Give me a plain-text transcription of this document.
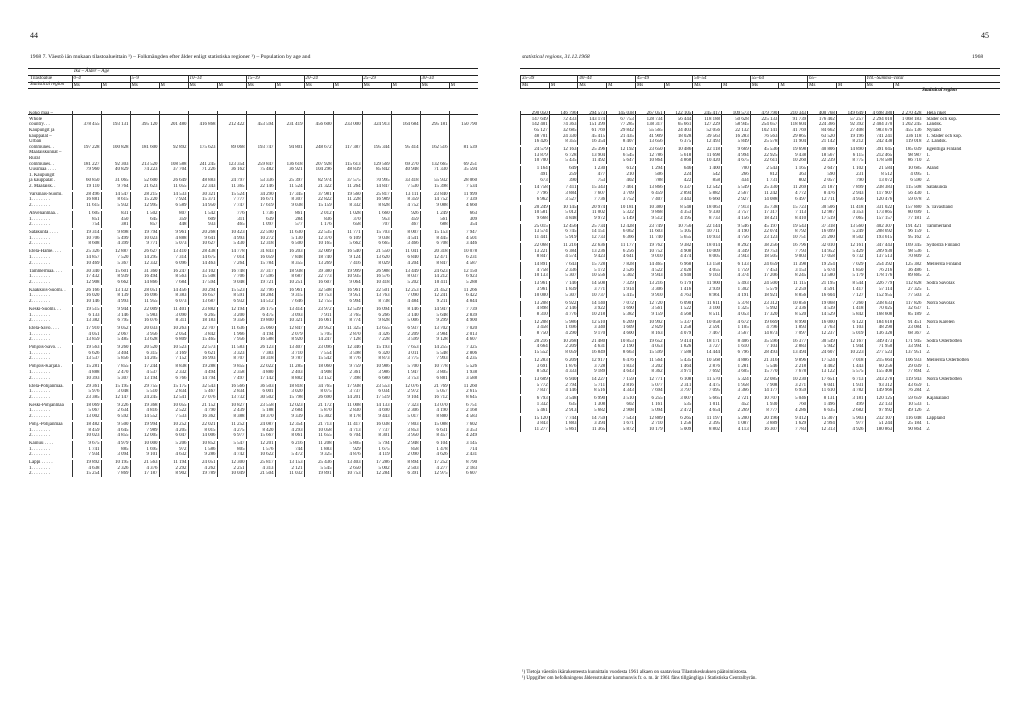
44
1968 7. Väestö iän mukaan tilastoalueittain ¹) – Folkmängden efter ålder enligt statistiska regioner ¹) – Population by age and
Tilastoalue
Statistical region
Ikä – Ålder – Age
	0–4		5–9		10–14		15–19		20–24		25–29		30–34	
	Ms	M	Ms	M	Ms	M	Ms	M	Ms	M	Ms	M	Ms	M

Koko maa –														
Whole														
country. . .	378 455	193 131	395 120	201 480	416 868	212 422	453 594	231 419	456 600	233 000	324 913	164 684	295 181	150 790
Kaupungit ja														
kauppalat –														
Urban														
communes. .	197 228	100 828	181 600	92 892	175 623	89 068	193 747	94 801	248 672	117 387	195 344	95 414	162 516	81 539
Maalaiskunnat –														
Rural														
communes. .	181 227	92 303	213 520	108 588	241 245	123 354	259 847	136 618	207 928	115 613	129 569	69 270	132 665	69 251
Uusimaa . . . .	79 960	40 829	74 223	37 704	71 226	36 162	75 482	36 921	104 296	48 839	85 842	40 948	71 330	35 594
1. Kaupungit														
ja kauppalat .	60 850	31 065	52 600	26 649	48 883	24 797	53 336	25 397	82 974	37 575	70 995	33 418	55 932	28 060
2. Maalaisk. .	19 110	9 764	21 623	11 055	22 343	11 365	22 146	11 524	21 322	11 264	14 847	7 530	15 398	7 534

Varsinais-Suomi.	28 496	14 547	28 215	14 533	30 321	15 524	34 290	17 345	37 981	19 560	25 817	13 111	23 840	11 999
1. . . . . . . .	16 881	8 615	15 220	7 924	15 371	7 777	16 671	8 307	22 822	11 228	16 989	8 359	14 752	7 339
2. . . . . . . .	11 615	5 932	12 995	6 589	14 950	7 747	17 619	9 038	15 159	8 332	8 828	4 752	9 088	4 660

Ahvenanmaa. .	1 605	831	1 502	807	1 542	776	1 736	861	2 012	1 028	1 660	926	1 249	663
1. . . . . . . .	851	450	645	359	609	311	639	284	836	370	953	459	561	309
2. . . . . . . .	754	381	857	448	933	465	1 097	577	1 176	658	707	467	688	354

Satakunta . . . .	19 314	9 898	19 794	9 961	20 268	10 423	22 590	11 630	22 535	11 771	15 703	8 007	15 153	7 947
1. . . . . . . .	10 706	5 499	10 023	4 888	9 641	4 993	10 272	5 130	12 370	6 109	9 038	4 541	8 445	4 501
2. . . . . . . .	8 608	4 399	9 771	5 073	10 627	5 430	12 318	6 500	10 165	5 662	6 665	3 466	6 708	3 446

Etelä-Häme. . . .	25 326	12 887	26 627	13 410	28 438	14 778	31 843	16 203	32 009	16 540	21 550	11 041	20 318	10 078
1. . . . . . . .	14 857	7 520	14 295	7 314	14 675	7 014	16 059	7 848	18 740	9 124	13 620	6 840	12 471	6 231
2. . . . . . . .	10 469	5 367	12 332	6 096	14 463	7 264	15 784	8 355	13 269	7 416	8 029	4 204	8 847	4 587

Tammermaa. . . .	30 340	15 601	31 360	16 247	33 102	16 748	37 317	18 938	39 380	19 999	26 988	13 449	24 623	12 150
1. . . . . . . .	17 432	8 939	16 494	8 563	15 508	7 706	17 596	8 687	22 773	10 935	16 576	8 037	14 212	6 923
2. . . . . . . .	12 908	6 662	14 866	7 684	17 594	9 048	19 721	10 251	16 607	9 064	10 418	5 202	10 411	5 288

Kaakkois-Suomi. .	26 166	13 132	28 051	14 456	30 294	15 523	32 796	16 961	32 508	16 961	22 501	12 253	21 452	11 266
1. . . . . . . .	16 020	8 139	16 096	8 383	16 657	8 591	18 284	9 315	19 753	9 951	13 763	7 090	12 241	6 422
2. . . . . . . .	10 146	4 993	11 955	6 073	13 687	6 932	14 512	7 646	12 755	6 994	8 738	4 484	9 211	4 844

Keski-Suomi. . .	19 515	9 944	22 009	11 401	23 882	12 194	26 175	13 414	23 972	12 539	16 094	8 146	14 947	7 739
1. . . . . . . .	6 133	3 146	5 983	3 090	6 265	3 200	6 475	3 093	7 911	3 765	6 266	3 140	5 648	2 839
2. . . . . . . .	13 382	6 795	16 076	8 311	18 183	9 356	19 800	10 321	16 061	8 774	9 828	5 006	9 299	4 900

Etelä-Savo. . . .	17 910	9 052	20 033	10 263	22 707	11 636	25 060	12 847	20 952	11 325	13 655	6 937	13 702	7 020
1. . . . . . . .	4 051	2 067	3 956	2 054	3 842	1 966	4 194	2 079	5 705	2 870	4 326	2 209	3 984	2 013
2. . . . . . . .	13 859	5 485	13 628	6 809	15 465	7 956	16 588	8 920	14 247	7 128	7 228	3 599	9 128	4 607

Pohjois-Savo. . .	19 563	9 260	20 520	10 523	22 573	11 583	26 123	13 407	23 096	12 346	15 193	7 653	14 255	7 325
1. . . . . . . .	6 626	3 404	6 315	3 169	6 621	3 323	7 383	3 710	7 554	3 598	6 320	3 011	5 548	2 806
2. . . . . . . .	13 537	5 856	14 205	7 152	16 993	8 707	18 318	9 787	15 542	8 776	8 873	3 775	7 993	4 235

Pohjois-Karjala .	15 281	7 855	17 244	8 838	19 288	9 855	22 022	11 285	18 060	9 759	10 986	5 700	10 778	5 526
1. . . . . . . .	4 888	2 470	4 537	2 332	4 494	2 358	4 880	2 403	4 908	2 361	3 986	1 947	3 805	1 938
2. . . . . . . .	10 393	5 307	13 194	6 766	14 794	7 497	17 142	8 882	13 152	7 398	6 680	3 753	6 881	3 588

Etelä-Pohjanmaa.	29 361	15 195	29 755	15 175	32 543	16 566	36 503	18 818	34 765	17 938	23 553	12 076	21 769	11 260
1. . . . . . . .	5 976	3 048	5 510	2 834	5 467	2 834	6 001	3 020	8 075	3 737	6 034	2 972	5 057	2 615
2. . . . . . . .	23 385	12 147	24 245	12 541	27 076	13 732	30 502	15 798	26 690	14 201	17 519	9 104	16 712	8 645

Keski-Pohjanmaa	18 069	9 226	19 368	10 055	21 152	10 827	23 558	12 023	21 172	11 008	14 133	7 323	13 070	6 751
1. . . . . . . .	5 067	2 634	4 816	2 522	4 790	2 439	5 188	2 684	5 870	2 830	4 690	2 306	4 190	2 168
2. . . . . . . .	13 002	6 592	14 552	7 533	16 362	8 388	18 370	9 339	15 302	8 178	9 443	5 017	8 880	4 583

Pohj.-Pohjanmaa	18 482	9 500	19 994	10 252	22 021	11 252	24 087	12 354	21 713	11 417	16 038	7 803	15 088	7 602
1. . . . . . . .	8 459	4 645	7 989	4 205	8 015	4 275	8 420	4 293	10 058	4 713	7 737	3 853	6 631	3 353
2. . . . . . . .	10 023	4 855	12 005	6 047	14 006	6 977	15 667	8 061	11 655	6 704	8 301	3 950	8 457	4 249

Kainuu . . . .	9 675	4 979	10 000	5 206	10 852	5 547	12 201	6 216	11 208	5 805	5 794	2 948	6 104	3 145
1. . . . . . . .	1 741	885	1 695	972	1 586	805	1 576	744	1 883	929	1 675	858	1 478	714
2. . . . . . . .	7 934	3 094	9 101	4 632	9 286	4 742	10 622	5 472	9 325	4 876	4 119	2 090	4 626	2 431

Lappi . . . . .	19 892	10 195	21 563	11 194	24 051	12 300	25 817	13 153	25 436	13 403	17 286	8 894	17 252	8 790
1. . . . . . . .	4 638	2 326	4 376	2 292	4 262	2 251	4 313	2 121	5 545	2 650	5 002	2 503	4 277	2 183
2. . . . . . . .	15 254	7 869	17 187	8 902	19 789	10 049	21 504	11 032	19 891	10 753	12 284	6 391	12 975	6 607

45
statistical regions, 31.12.1968	1968
Statistical region
35–39		40–44		45–49		50–54		55–64		65–		Yht.–Summa–Total		
Ms	M	Ms	M	Ms	M	Ms	M	Ms	M	Ms	M	Ms	M	

290 050	146 796	294 573	145 038	267 051	122 105	245 417	109 573	479 790	210 343	400 768	149 649	4 698 380	2 270 428	Hela riket

147 649	72 433	143 174	67 753	128 734	56 444	118 188	50 628	225 133	91 739	176 402	57 257	2 294 010	1 068 183	Städer och köp.

142 401	74 363	151 399	77 285	138 317	65 661	127 229	58 945	254 657	118 604	224 366	92 392	2 404 370	1 202 245	Landsk.
65 127	32 685	61 769	29 842	55 565	24 403	52 056	22 132	102 141	41 769	84 662	27 408	983 679	455 136	Nyland
48 701	24 330	45 415	21 435	41 909	18 028	39 563	16 283	76 563	29 865	63 520	19 196	741 241	336 118	1. Städer och köp.
16 426	8 355	16 354	8 407	13 656	6 375	12 493	5 849	25 578	11 904	21 142	8 212	242 438	119 018	2. Landsk.

24 579	12 163	25 396	12 192	23 650	10 486	22 118	9 669	45 536	19 698	40 806	14 890	391 045	185 039	Egentliga Finland
13 879	6 728	13 904	6 545	12 786	5 618	11 698	4 994	22 925	9 438	18 567	6 115	212 465	98 987	1.
10 700	5 435	11 492	5 647	10 864	4 868	10 420	4 675	22 611	10 260	22 239	8 775	178 580	86 710	2.

1 164	649	1 230	612	1 294	646	1 400	700	2 543	1 165	2 647	1 102	21 584	10 685	Åland
491	259	477	210	506	224	542	266	812	363	590	231	8 512	4 095	1.
673	390	753	402	788	422	858	434	1 731	802	2 057	790	13 072	6 590	2.

14 758	7 411	15 343	7 461	13 866	6 337	12 542	5 549	25 330	11 269	21 187	7 899	238 383	115 508	Satakunda
7 796	3 884	7 607	3 709	6 459	2 894	5 882	2 567	11 242	4 772	8 476	2 943	117 907	56 430	1.
6 962	3 527	7 736	3 752	7 407	3 443	6 660	2 927	14 088	6 497	12 711	4 956	120 476	59 078	2.

20 249	10 145	20 974	10 181	10 380	8 548	18 063	7 913	35 738	15 723	30 506	11 418	331 022	157 880	S. Tavastland
10 581	5 012	11 002	5 322	9 868	4 353	9 330	3 757	17 317	7 113	12 987	4 353	173 865	80 699	1.
9 668	4 848	9 972	5 149	9 512	4 195	8 733	4 156	18 421	8 410	17 519	7 065	157 157	77 181	2.

25 015	12 456	25 734	12 428	23 749	10 756	22 144	9 546	45 197	19 543	37 318	13 560	402 307	191 421	Tammerland
13 574	6 745	14 151	6 062	11 603	5 105	10 711	4 190	22 074	8 792	16 099	5 249	208 692	96 159	1.
11 441	5 919	12 733	6 366	11 740	5 655	10 933	4 756	23 123	10 751	21 200	8 502	193 615	95 162	2.

22 068	11 216	22 636	11 177	19 762	9 382	18 014	8 292	38 256	16 796	32 010	12 161	347 443	169 345	Sydöstra Finland
13 221	6 384	13 236	6 256	10 752	4 908	10 009	4 349	19 753	7 793	14 952	5 429	209 930	98 536	1.
8 847	4 574	9 423	4 641	9 010	4 474	8 005	3 943	18 505	9 003	17 058	6 732	137 513	70 809	2.

14 891	7 643	15 728	7 828	14 465	6 968	13 158	6 133	24 659	11 398	19 254	7 029	254 392	125 382	Mellersta Finland
4 758	2 336	5 172	2 526	4 522	2 028	4 055	1 759	7 453	3 153	5 674	1 850	76 216	36 486	1.
10 133	5 307	10 556	5 302	9 943	4 940	9 103	4 374	17 206	8 245	13 580	5 179	178 176	89 885	2.

13 961	7 146	14 508	7 329	13 216	6 179	11 900	5 493	24 500	11 115	21 195	8 544	226 779	112 828	Södra Savolax
3 961	1 839	3 771	1 914	3 306	1 416	2 939	1 302	5 579	2 259	4 591	1 417	57 114	27 325	1.
10 000	5 307	10 737	5 415	9 910	4 763	8 961	4 191	18 921	8 856	16 604	7 127	152 955	77 503	2.

13 208	6 922	14 140	7 072	12 720	6 090	11 611	5 378	23 312	10 856	19 068	7 260	238 633	117 826	Norra Savolax
4 898	2 146	3 922	1 690	3 561	1 522	3 100	1 325	5 992	2 336	4 539	1 418	70 025	32 637	1.
8 310	4 776	10 218	5 382	9 159	4 568	8 511	4 053	17 320	8 520	14 529	5 842	168 608	85 189	2.

12 208	5 986	12 510	6 209	10 992	5 337	10 058	4 672	19 669	8 990	16 000	6 122	184 618	91 451	Norra Karelen
3 458	1 696	3 340	1 609	2 829	1 258	2 591	1 105	4 796	1 893	3 763	1 103	48 290	23 084	1.
8 750	4 290	9 170	4 600	8 163	4 079	7 467	3 567	14 873	7 097	12 237	5 019	136 328	68 367	2.

20 216	10 268	21 480	10 853	19 652	9 414	18 171	8 406	35 596	16 377	30 549	12 167	349 473	171 945	Södra Österbotten
4 664	2 209	4 631	2 190	4 053	1 826	3 727	1 610	7 103	2 883	5 942	1 944	71 950	33 994	1.
15 552	8 059	16 849	8 663	15 599	7 588	14 444	6 796	28 493	13 494	24 607	10 223	277 523	137 951	2.

12 283	6 209	12 917	6 476	11 564	5 435	10 568	4 886	21 316	9 896	17 524	7 018	215 664	106 933	Mellersta Österbotten
3 691	1 876	3 728	1 833	3 202	1 464	2 876	1 281	5 546	2 218	4 402	1 443	60 256	29 039	1.
8 592	4 333	9 189	4 643	8 362	3 971	7 692	3 605	15 770	7 678	13 122	5 575	155 408	77 894	2.

13 609	6 940	14 227	7 159	12 771	6 108	11 570	5 324	22 085	10 230	17 651	6 713	243 278	119 943	Norra Österbotten
5 772	2 794	5 711	2 816	5 077	2 311	4 475	1 958	7 908	3 271	6 041	1 931	93 312	43 659	1.
7 837	4 146	8 516	4 343	7 694	3 797	7 095	3 366	14 177	6 959	11 610	4 782	149 966	76 284	2.

6 793	3 548	6 990	3 510	6 255	3 007	5 665	2 721	10 707	5 046	8 131	3 181	120 125	59 659	Kajanaland
1 332	635	1 308	602	1 161	535	1 011	452	1 930	760	1 496	499	22 133	10 533	1.
5 461	2 913	5 682	2 908	5 094	2 472	4 654	2 269	8 777	4 286	6 635	2 682	97 992	49 126	2.

15 120	7 744	14 759	7 543	12 889	6 265	11 197	5 200	20 196	9 412	15 307	5 903	232 107	116 048	Lappland
3 843	1 883	3 394	1 671	2 710	1 256	2 395	1 087	3 889	1 629	2 994	977	51 244	25 184	1.
11 277	5 861	11 365	5 872	10 179	5 009	8 802	4 113	16 307	7 783	12 313	4 926	180 863	90 864	2.

¹) Tietoja väestön ikärakenteesta kunnittain vuodesta 1961 alkaen on saatavissa Tilastokeskuksen päätoimistosta.
¹) Uppgifter om befolkningens åldersstruktur kommunvis fr. o. m. år 1961 fåns tillgängliga i Statistiska Centralbyrån.
